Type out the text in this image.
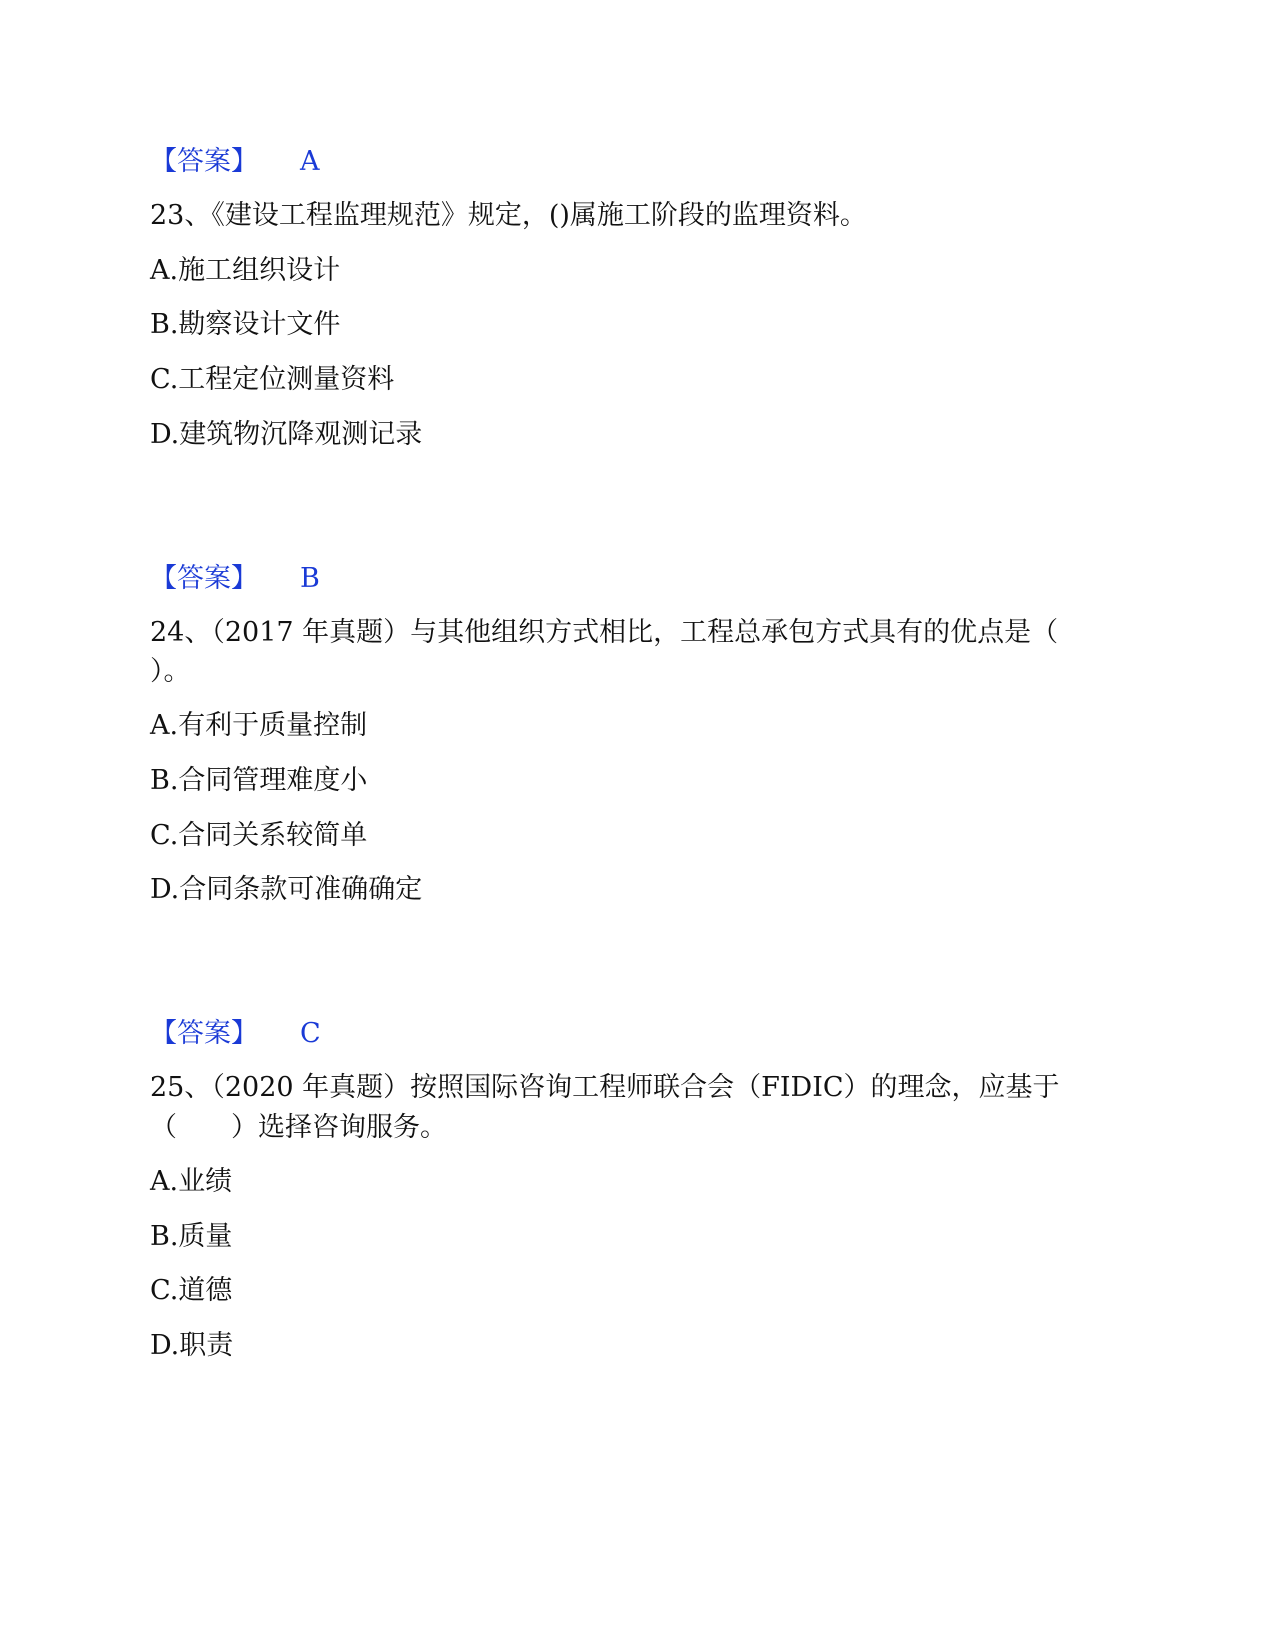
【答案】 A
23、《建设工程监理规范》规定，()属施工阶段的监理资料。
A.施工组织设计
B.勘察设计文件
C.工程定位测量资料
D.建筑物沉降观测记录
【答案】 B
24、（2017 年真题）与其他组织方式相比，工程总承包方式具有的优点是（
）。
A.有利于质量控制
B.合同管理难度小
C.合同关系较简单
D.合同条款可准确确定
【答案】 C
25、（2020 年真题）按照国际咨询工程师联合会（FIDIC）的理念，应基于
（　　）选择咨询服务。
A.业绩
B.质量
C.道德
D.职责
